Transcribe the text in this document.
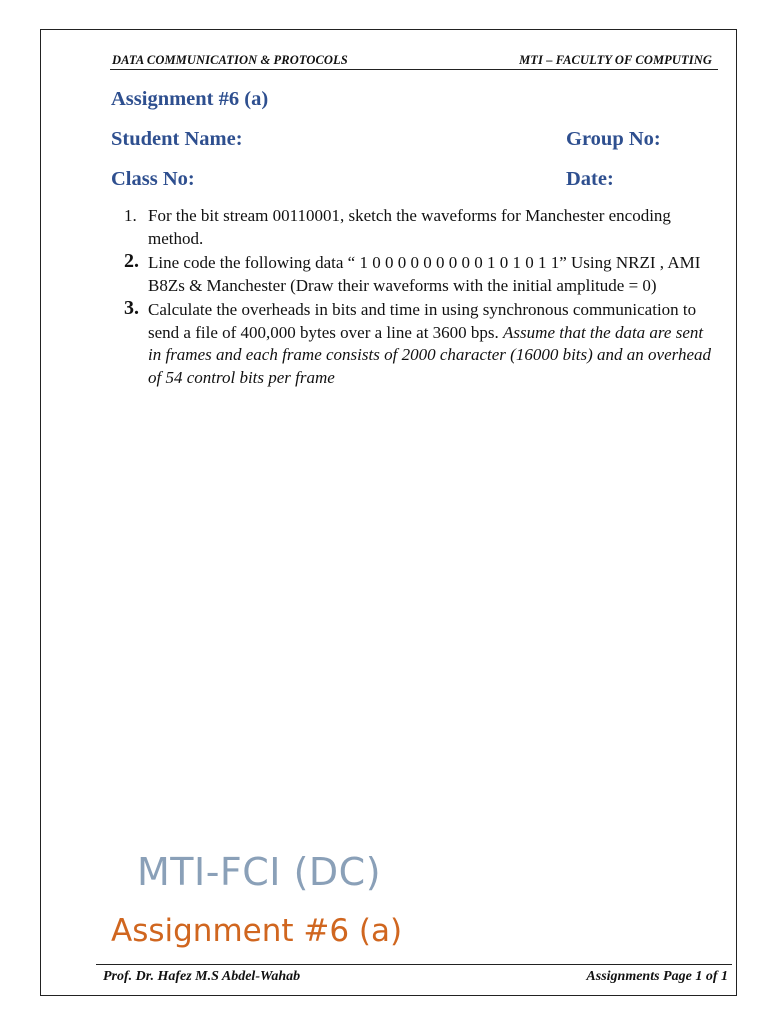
DATA COMMUNICATION & PROTOCOLS	MTI – FACULTY OF COMPUTING
Assignment #6 (a)
Student Name:	Group No:
Class No:	Date:
1. For the bit stream 00110001, sketch the waveforms for Manchester encoding method.
2. Line code the following data “ 1 0 0 0 0 0 0 0 0 0 1 0 1 0 1 1” Using NRZI , AMI B8Zs & Manchester (Draw their waveforms with the initial amplitude = 0)
3. Calculate the overheads in bits and time in using synchronous communication to send a file of 400,000 bytes over a line at 3600 bps. Assume that the data are sent in frames and each frame consists of 2000 character (16000 bits) and an overhead of 54 control bits per frame
MTI-FCI (DC)
Assignment #6 (a)
Prof. Dr. Hafez M.S Abdel-Wahab	Assignments Page 1 of 1
